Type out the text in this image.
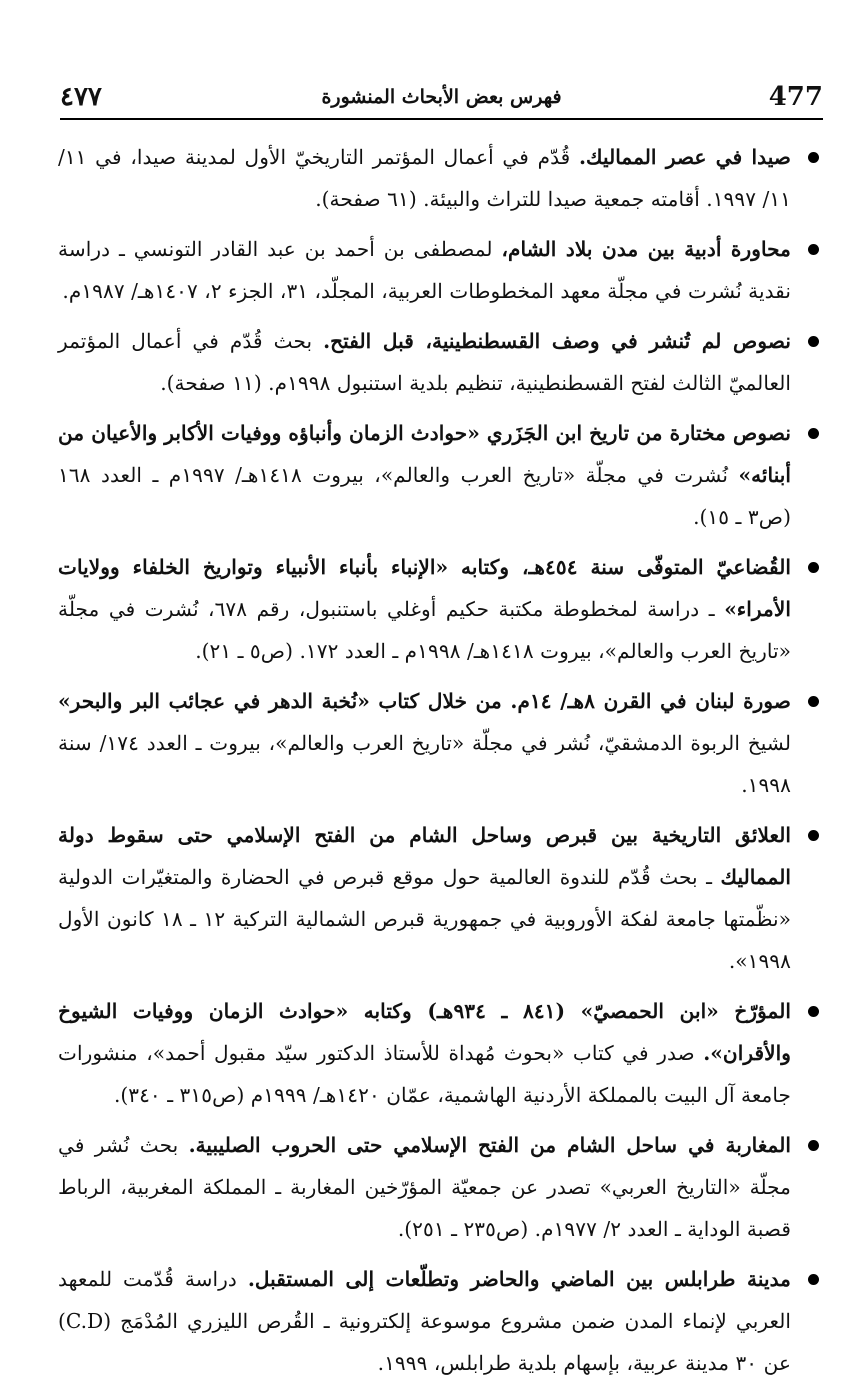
٤٧٧	فهرس بعض الأبحاث المنشورة	477
صيدا في عصر المماليك. قُدّم في أعمال المؤتمر التاريخيّ الأول لمدينة صيدا، في ١١/ ١١/ ١٩٩٧. أقامته جمعية صيدا للتراث والبيئة. (٦١ صفحة).
محاورة أدبية بين مدن بلاد الشام، لمصطفى بن أحمد بن عبد القادر التونسي ـ دراسة نقدية نُشرت في مجلّة معهد المخطوطات العربية، المجلّد، ٣١، الجزء ٢، ١٤٠٧هـ/ ١٩٨٧م.
نصوص لم تُنشر في وصف القسطنطينية، قبل الفتح. بحث قُدّم في أعمال المؤتمر العالميّ الثالث لفتح القسطنطينية، تنظيم بلدية استنبول ١٩٩٨م. (١١ صفحة).
نصوص مختارة من تاريخ ابن الجَزَري «حوادث الزمان وأنباؤه ووفيات الأكابر والأعيان من أبنائه» نُشرت في مجلّة «تاريخ العرب والعالم»، بيروت ١٤١٨هـ/ ١٩٩٧م ـ العدد ١٦٨ (ص٣ ـ ١٥).
القُضاعيّ المتوفّى سنة ٤٥٤هـ، وكتابه «الإنباء بأنباء الأنبياء وتواريخ الخلفاء وولايات الأمراء» ـ دراسة لمخطوطة مكتبة حكيم أوغلي باستنبول، رقم ٦٧٨، نُشرت في مجلّة «تاريخ العرب والعالم»، بيروت ١٤١٨هـ/ ١٩٩٨م ـ العدد ١٧٢. (ص٥ ـ ٢١).
صورة لبنان في القرن ٨هـ/ ١٤م. من خلال كتاب «نُخبة الدهر في عجائب البر والبحر» لشيخ الربوة الدمشقيّ، نُشر في مجلّة «تاريخ العرب والعالم»، بيروت ـ العدد ١٧٤/ سنة ١٩٩٨.
العلائق التاريخية بين قبرص وساحل الشام من الفتح الإسلامي حتى سقوط دولة المماليك ـ بحث قُدّم للندوة العالمية حول موقع قبرص في الحضارة والمتغيّرات الدولية «نظّمتها جامعة لفكة الأوروبية في جمهورية قبرص الشمالية التركية ١٢ ـ ١٨ كانون الأول ١٩٩٨».
المؤرّخ «ابن الحمصيّ» (٨٤١ ـ ٩٣٤هـ) وكتابه «حوادث الزمان ووفيات الشيوخ والأقران». صدر في كتاب «بحوث مُهداة للأستاذ الدكتور سيّد مقبول أحمد»، منشورات جامعة آل البيت بالمملكة الأردنية الهاشمية، عمّان ١٤٢٠هـ/ ١٩٩٩م (ص٣١٥ ـ ٣٤٠).
المغاربة في ساحل الشام من الفتح الإسلامي حتى الحروب الصليبية. بحث نُشر في مجلّة «التاريخ العربي» تصدر عن جمعيّة المؤرّخين المغاربة ـ المملكة المغربية، الرباط قصبة الوداية ـ العدد ٢/ ١٩٧٧م. (ص٢٣٥ ـ ٢٥١).
مدينة طرابلس بين الماضي والحاضر وتطلّعات إلى المستقبل. دراسة قُدّمت للمعهد العربي لإنماء المدن ضمن مشروع موسوعة إلكترونية ـ القُرص الليزري المُدْمَج (C.D) عن ٣٠ مدينة عربية، بإسهام بلدية طرابلس، ١٩٩٩.
